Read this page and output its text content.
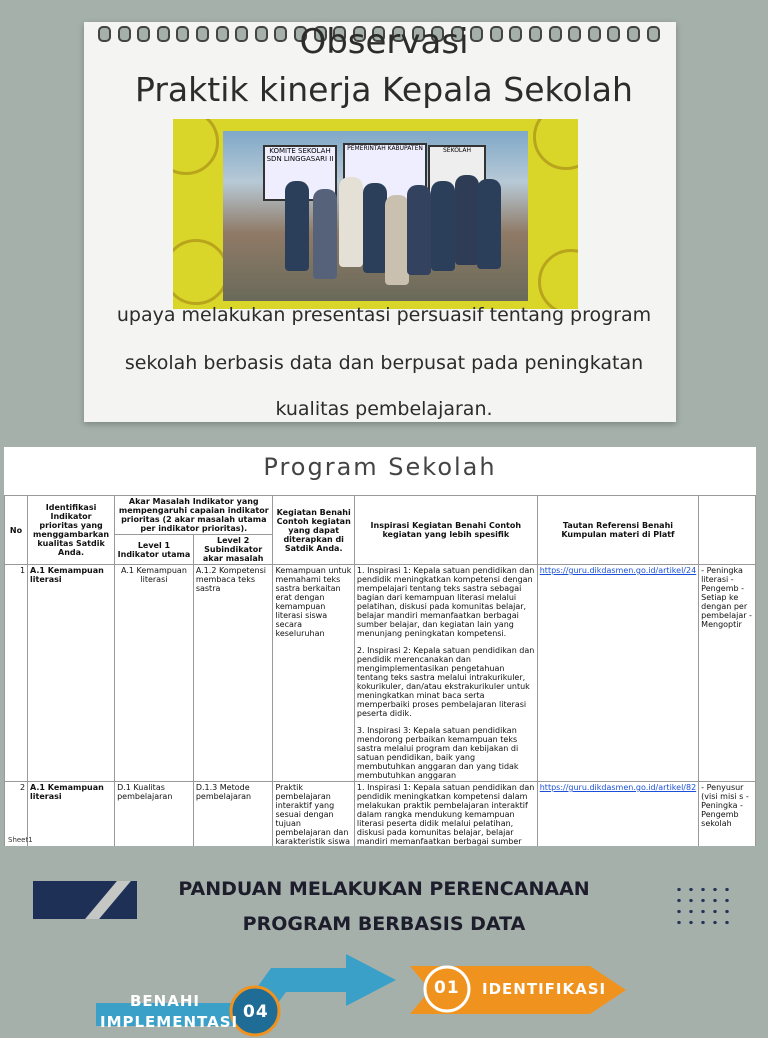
Observasi
Praktik kinerja Kepala Sekolah
KOMITE SEKOLAH SDN LINGGASARI II
PEMERINTAH KABUPATEN	SEKOLAH
upaya melakukan presentasi persuasif tentang program
sekolah berbasis data dan berpusat pada peningkatan
kualitas pembelajaran.
Program Sekolah
No	Identifikasi Indikator prioritas yang menggambarkan kualitas Satdik Anda.	Akar Masalah Indikator yang mempengaruhi capaian indikator prioritas (2 akar masalah utama per indikator prioritas).		Kegiatan Benahi Contoh kegiatan yang dapat diterapkan di Satdik Anda.	Inspirasi Kegiatan Benahi Contoh kegiatan yang lebih spesifik	Tautan Referensi Benahi Kumpulan materi di Platf	
		Level 1 Indikator utama	Level 2 Subindikator akar masalah				
1	A.1 Kemampuan literasi	A.1 Kemampuan literasi	A.1.2 Kompetensi membaca teks sastra	Kemampuan untuk memahami teks sastra berkaitan erat dengan kemampuan literasi siswa secara keseluruhan	1. Inspirasi 1: Kepala satuan pendidikan dan pendidik meningkatkan kompetensi dengan mempelajari tentang teks sastra sebagai bagian dari kemampuan literasi melalui pelatihan, diskusi pada komunitas belajar, belajar mandiri memanfaatkan berbagai sumber belajar, dan kegiatan lain yang menunjang peningkatan kompetensi.
2. Inspirasi 2: Kepala satuan pendidikan dan pendidik merencanakan dan mengimplementasikan pengetahuan tentang teks sastra melalui intrakurikuler, kokurikuler, dan/atau ekstrakurikuler untuk meningkatkan minat baca serta memperbaiki proses pembelajaran literasi peserta didik.
3. Inspirasi 3: Kepala satuan pendidikan mendorong perbaikan kemampuan teks sastra melalui program dan kebijakan di satuan pendidikan, baik yang membutuhkan anggaran dan yang tidak membutuhkan anggaran	https://guru.dikdasmen.go.id/artikel/24	- Peningka literasi - Pengemb - Setiap ke dengan per pembelajar - Mengoptir
2	A.1 Kemampuan literasi	D.1 Kualitas pembelajaran	D.1.3 Metode pembelajaran	Praktik pembelajaran interaktif yang sesuai dengan tujuan pembelajaran dan karakteristik siswa	1. Inspirasi 1: Kepala satuan pendidikan dan pendidik meningkatkan kompetensi dalam melakukan praktik pembelajaran interaktif dalam rangka mendukung kemampuan literasi peserta didik melalui pelatihan, diskusi pada komunitas belajar, belajar mandiri memanfaatkan berbagai sumber	https://guru.dikdasmen.go.id/artikel/82	- Penyusur (visi misi s - Peningka - Pengemb sekolah
Sheet1
PANDUAN MELAKUKAN PERENCANAAN
PROGRAM BERBASIS DATA
BENAHI
IMPLEMENTASI 04
01 IDENTIFIKASI
